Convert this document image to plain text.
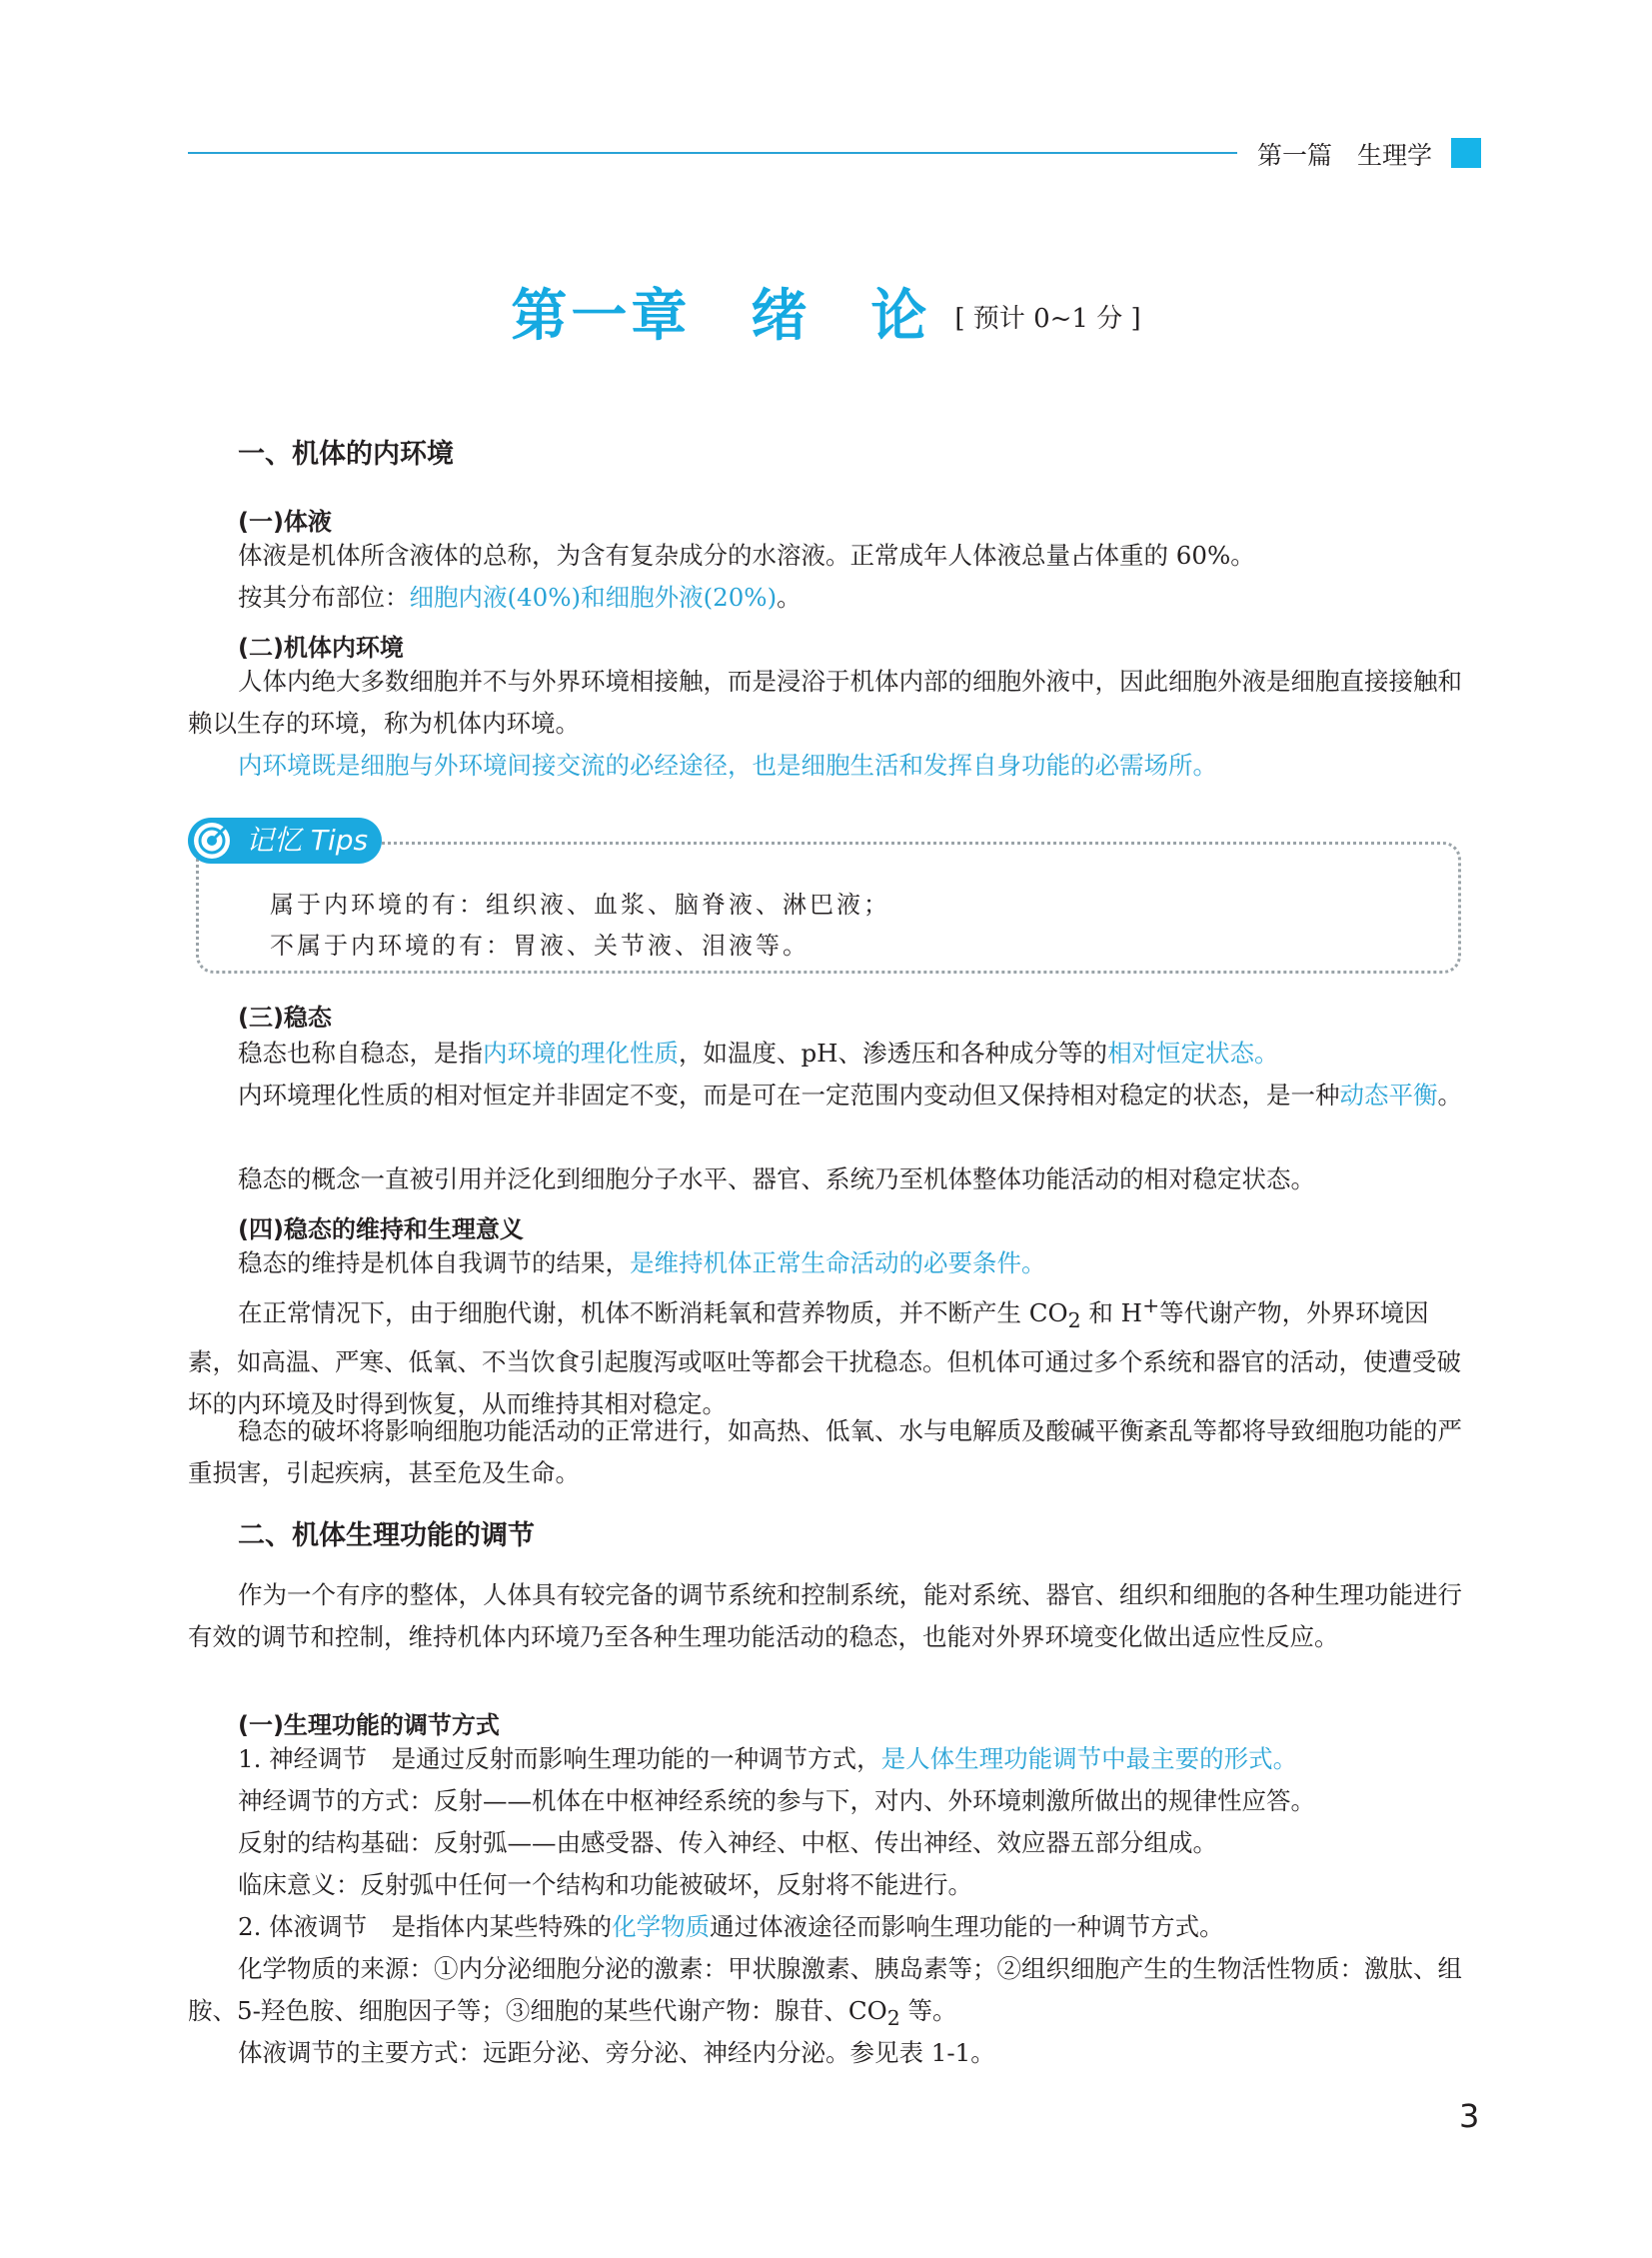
第一篇　生理学
第一章　绪　论 [ 预计 0~1 分 ]
一、机体的内环境
(一)体液
体液是机体所含液体的总称，为含有复杂成分的水溶液。正常成年人体液总量占体重的 60%。
按其分布部位：细胞内液(40%)和细胞外液(20%)。
(二)机体内环境
人体内绝大多数细胞并不与外界环境相接触，而是浸浴于机体内部的细胞外液中，因此细胞外液是细胞直接接触和赖以生存的环境，称为机体内环境。
内环境既是细胞与外环境间接交流的必经途径，也是细胞生活和发挥自身功能的必需场所。
记忆 Tips
属于内环境的有：组织液、血浆、脑脊液、淋巴液；
不属于内环境的有：胃液、关节液、泪液等。
(三)稳态
稳态也称自稳态，是指内环境的理化性质，如温度、pH、渗透压和各种成分等的相对恒定状态。
内环境理化性质的相对恒定并非固定不变，而是可在一定范围内变动但又保持相对稳定的状态，是一种动态平衡。
稳态的概念一直被引用并泛化到细胞分子水平、器官、系统乃至机体整体功能活动的相对稳定状态。
(四)稳态的维持和生理意义
稳态的维持是机体自我调节的结果，是维持机体正常生命活动的必要条件。
在正常情况下，由于细胞代谢，机体不断消耗氧和营养物质，并不断产生 $CO_2$ 和 H+等代谢产物，外界环境因素，如高温、严寒、低氧、不当饮食引起腹泻或呕吐等都会干扰稳态。但机体可通过多个系统和器官的活动，使遭受破坏的内环境及时得到恢复，从而维持其相对稳定。
稳态的破坏将影响细胞功能活动的正常进行，如高热、低氧、水与电解质及酸碱平衡紊乱等都将导致细胞功能的严重损害，引起疾病，甚至危及生命。
二、机体生理功能的调节
作为一个有序的整体，人体具有较完备的调节系统和控制系统，能对系统、器官、组织和细胞的各种生理功能进行有效的调节和控制，维持机体内环境乃至各种生理功能活动的稳态，也能对外界环境变化做出适应性反应。
(一)生理功能的调节方式
1. 神经调节　是通过反射而影响生理功能的一种调节方式，是人体生理功能调节中最主要的形式。
神经调节的方式：反射——机体在中枢神经系统的参与下，对内、外环境刺激所做出的规律性应答。
反射的结构基础：反射弧——由感受器、传入神经、中枢、传出神经、效应器五部分组成。
临床意义：反射弧中任何一个结构和功能被破坏，反射将不能进行。
2. 体液调节　是指体内某些特殊的化学物质通过体液途径而影响生理功能的一种调节方式。
化学物质的来源：①内分泌细胞分泌的激素：甲状腺激素、胰岛素等；②组织细胞产生的生物活性物质：激肽、组胺、5-羟色胺、细胞因子等；③细胞的某些代谢产物：腺苷、$CO_2$ 等。
体液调节的主要方式：远距分泌、旁分泌、神经内分泌。参见表 1-1。
3
